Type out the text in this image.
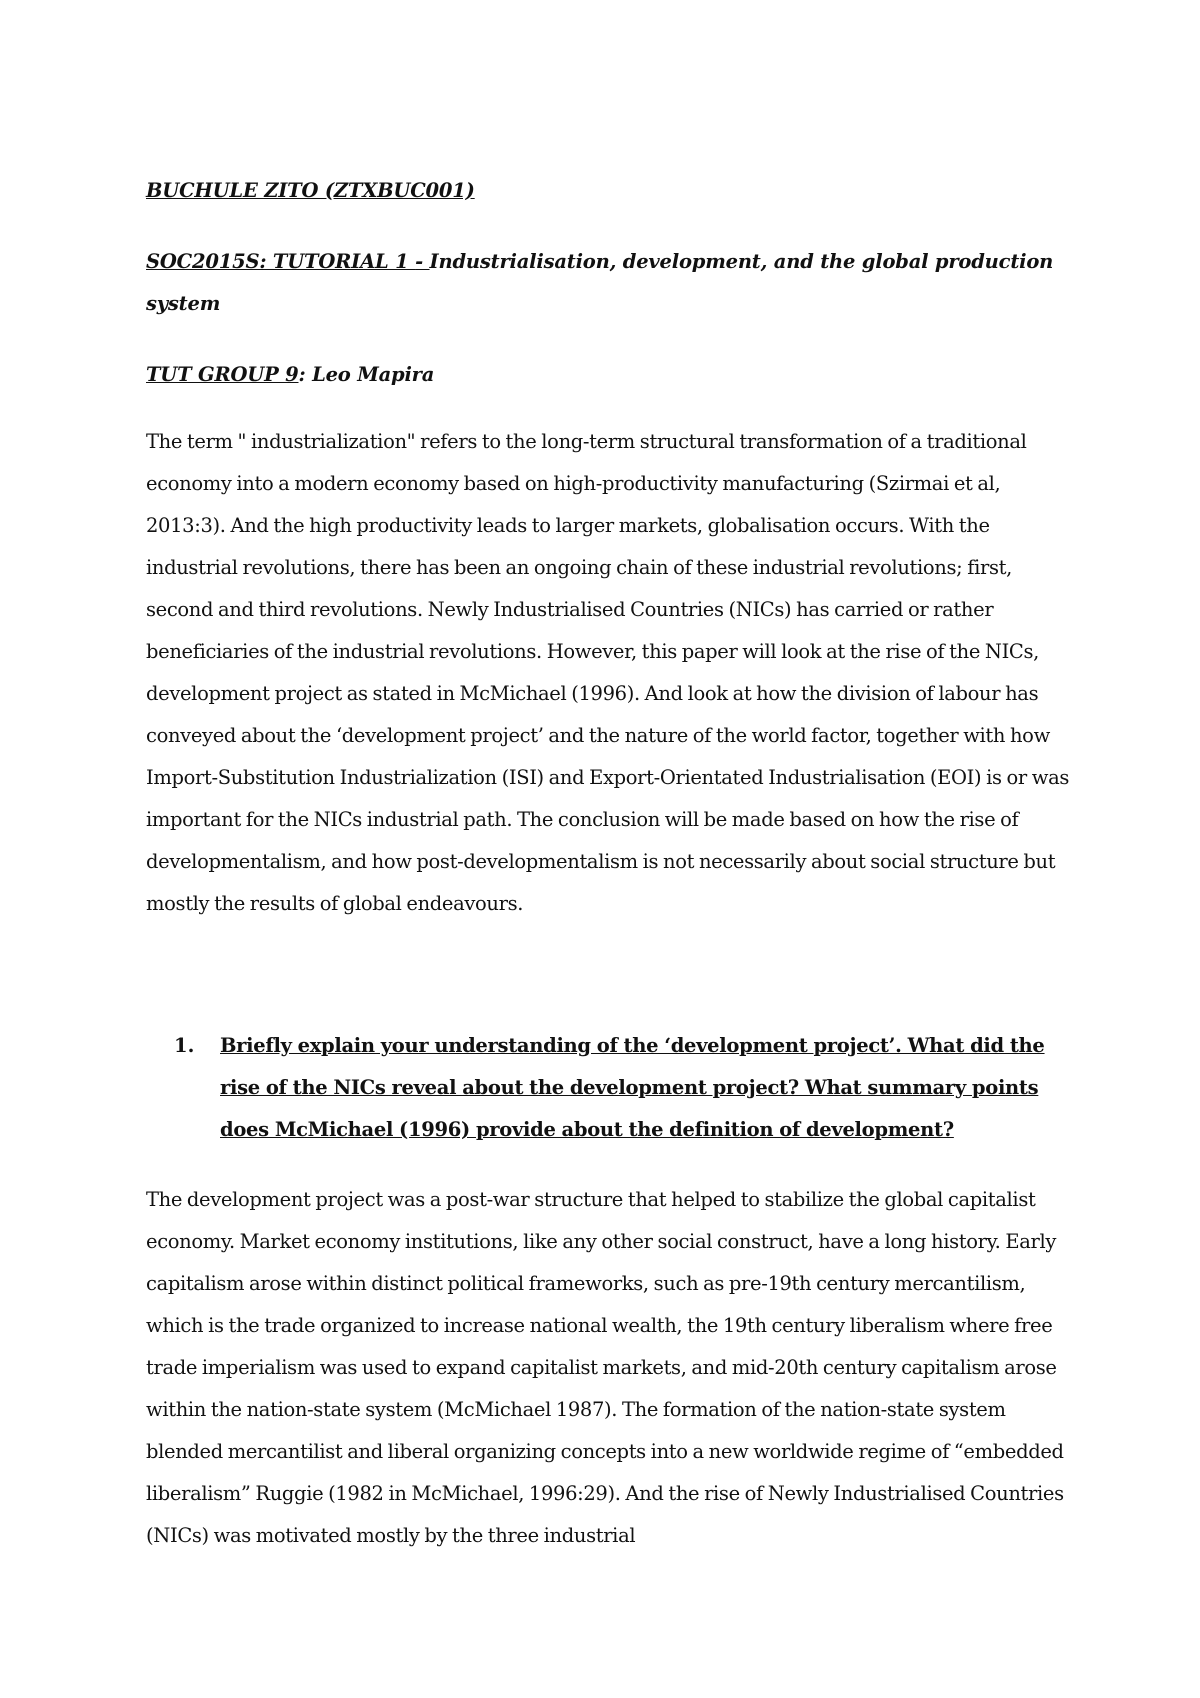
BUCHULE ZITO (ZTXBUC001)

SOC2015S: TUTORIAL 1 - Industrialisation, development, and the global production system

TUT GROUP 9: Leo Mapira

The term " industrialization" refers to the long-term structural transformation of a traditional economy into a modern economy based on high-productivity manufacturing (Szirmai et al, 2013:3). And the high productivity leads to larger markets, globalisation occurs. With the industrial revolutions, there has been an ongoing chain of these industrial revolutions; first, second and third revolutions. Newly Industrialised Countries (NICs) has carried or rather beneficiaries of the industrial revolutions. However, this paper will look at the rise of the NICs, development project as stated in McMichael (1996). And look at how the division of labour has conveyed about the ‘development project’ and the nature of the world factor, together with how Import-Substitution Industrialization (ISI) and Export-Orientated Industrialisation (EOI) is or was important for the NICs industrial path. The conclusion will be made based on how the rise of developmentalism, and how post-developmentalism is not necessarily about social structure but mostly the results of global endeavours.

1.	Briefly explain your understanding of the ‘development project’. What did the rise of the NICs reveal about the development project? What summary points does McMichael (1996) provide about the definition of development?

The development project was a post-war structure that helped to stabilize the global capitalist economy. Market economy institutions, like any other social construct, have a long history. Early capitalism arose within distinct political frameworks, such as pre-19th century mercantilism, which is the trade organized to increase national wealth, the 19th century liberalism where free trade imperialism was used to expand capitalist markets, and mid-20th century capitalism arose within the nation-state system (McMichael 1987). The formation of the nation-state system blended mercantilist and liberal organizing concepts into a new worldwide regime of “embedded liberalism” Ruggie (1982 in McMichael, 1996:29). And the rise of Newly Industrialised Countries (NICs) was motivated mostly by the three industrial
